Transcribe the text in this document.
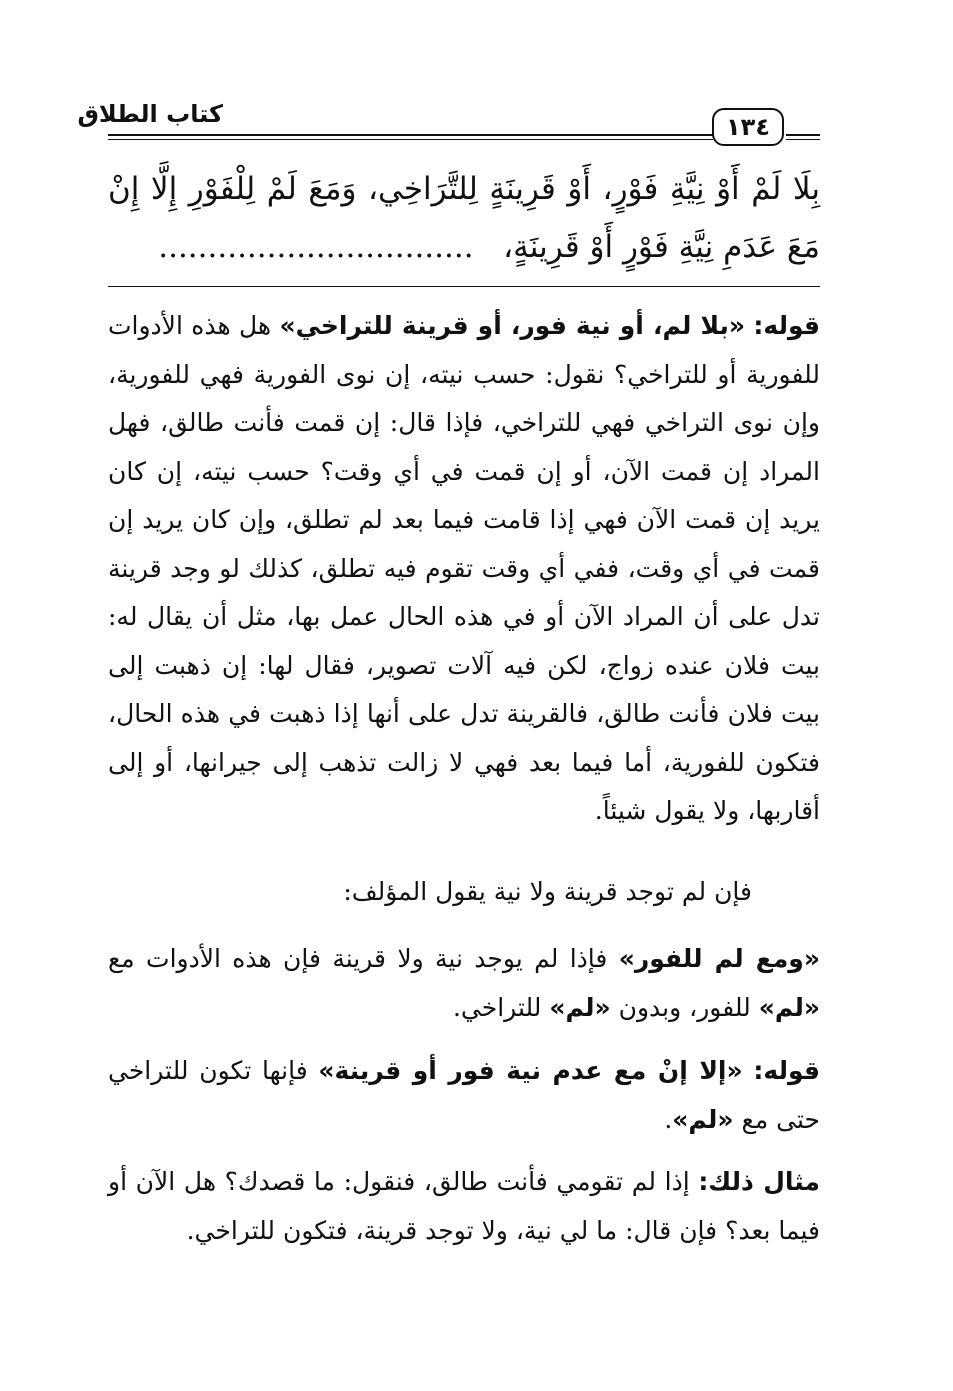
كتاب الطلاق	١٣٤
بِلَا لَمْ أَوْ نِيَّةِ فَوْرٍ، أَوْ قَرِينَةٍ لِلتَّرَاخِي، وَمَعَ لَمْ لِلْفَوْرِ إِلَّا إِنْ
مَعَ عَدَمِ نِيَّةِ فَوْرٍ أَوْ قَرِينَةٍ،   ................................

قوله: «بلا لم، أو نية فور، أو قرينة للتراخي» هل هذه الأدوات للفورية أو للتراخي؟ نقول: حسب نيته، إن نوى الفورية فهي للفورية، وإن نوى التراخي فهي للتراخي، فإذا قال: إن قمت فأنت طالق، فهل المراد إن قمت الآن، أو إن قمت في أي وقت؟ حسب نيته، إن كان يريد إن قمت الآن فهي إذا قامت فيما بعد لم تطلق، وإن كان يريد إن قمت في أي وقت، ففي أي وقت تقوم فيه تطلق، كذلك لو وجد قرينة تدل على أن المراد الآن أو في هذه الحال عمل بها، مثل أن يقال له: بيت فلان عنده زواج، لكن فيه آلات تصوير، فقال لها: إن ذهبت إلى بيت فلان فأنت طالق، فالقرينة تدل على أنها إذا ذهبت في هذه الحال، فتكون للفورية، أما فيما بعد فهي لا زالت تذهب إلى جيرانها، أو إلى أقاربها، ولا يقول شيئاً.

فإن لم توجد قرينة ولا نية يقول المؤلف:

«ومع لم للفور» فإذا لم يوجد نية ولا قرينة فإن هذه الأدوات مع «لم» للفور، وبدون «لم» للتراخي.

قوله: «إلا إنْ مع عدم نية فور أو قرينة» فإنها تكون للتراخي حتى مع «لم».

مثال ذلك: إذا لم تقومي فأنت طالق، فنقول: ما قصدك؟ هل الآن أو فيما بعد؟ فإن قال: ما لي نية، ولا توجد قرينة، فتكون للتراخي.
